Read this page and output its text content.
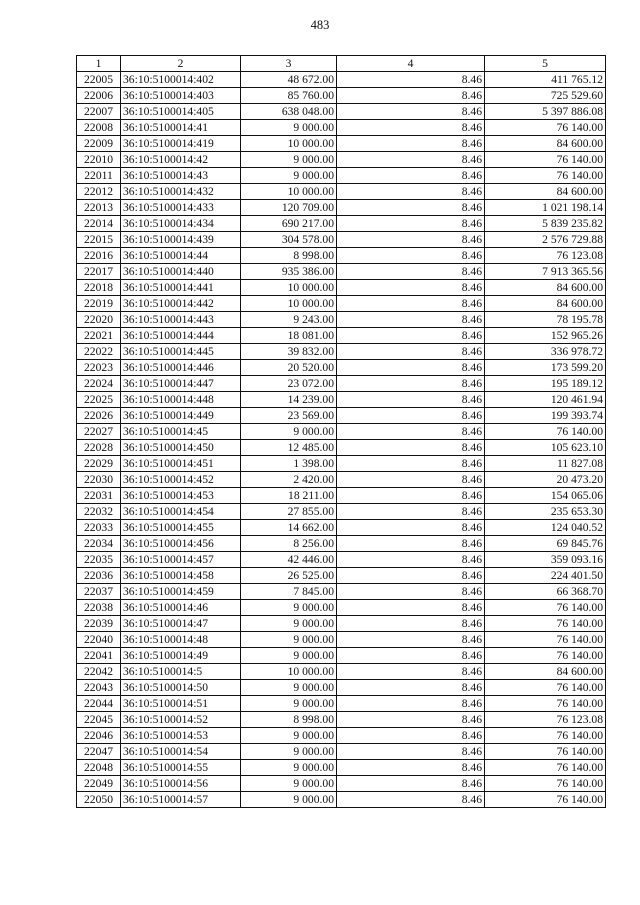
483
1	2	3	4	5
22005	36:10:5100014:402	48 672.00	8.46	411 765.12
22006	36:10:5100014:403	85 760.00	8.46	725 529.60
22007	36:10:5100014:405	638 048.00	8.46	5 397 886.08
22008	36:10:5100014:41	9 000.00	8.46	76 140.00
22009	36:10:5100014:419	10 000.00	8.46	84 600.00
22010	36:10:5100014:42	9 000.00	8.46	76 140.00
22011	36:10:5100014:43	9 000.00	8.46	76 140.00
22012	36:10:5100014:432	10 000.00	8.46	84 600.00
22013	36:10:5100014:433	120 709.00	8.46	1 021 198.14
22014	36:10:5100014:434	690 217.00	8.46	5 839 235.82
22015	36:10:5100014:439	304 578.00	8.46	2 576 729.88
22016	36:10:5100014:44	8 998.00	8.46	76 123.08
22017	36:10:5100014:440	935 386.00	8.46	7 913 365.56
22018	36:10:5100014:441	10 000.00	8.46	84 600.00
22019	36:10:5100014:442	10 000.00	8.46	84 600.00
22020	36:10:5100014:443	9 243.00	8.46	78 195.78
22021	36:10:5100014:444	18 081.00	8.46	152 965.26
22022	36:10:5100014:445	39 832.00	8.46	336 978.72
22023	36:10:5100014:446	20 520.00	8.46	173 599.20
22024	36:10:5100014:447	23 072.00	8.46	195 189.12
22025	36:10:5100014:448	14 239.00	8.46	120 461.94
22026	36:10:5100014:449	23 569.00	8.46	199 393.74
22027	36:10:5100014:45	9 000.00	8.46	76 140.00
22028	36:10:5100014:450	12 485.00	8.46	105 623.10
22029	36:10:5100014:451	1 398.00	8.46	11 827.08
22030	36:10:5100014:452	2 420.00	8.46	20 473.20
22031	36:10:5100014:453	18 211.00	8.46	154 065.06
22032	36:10:5100014:454	27 855.00	8.46	235 653.30
22033	36:10:5100014:455	14 662.00	8.46	124 040.52
22034	36:10:5100014:456	8 256.00	8.46	69 845.76
22035	36:10:5100014:457	42 446.00	8.46	359 093.16
22036	36:10:5100014:458	26 525.00	8.46	224 401.50
22037	36:10:5100014:459	7 845.00	8.46	66 368.70
22038	36:10:5100014:46	9 000.00	8.46	76 140.00
22039	36:10:5100014:47	9 000.00	8.46	76 140.00
22040	36:10:5100014:48	9 000.00	8.46	76 140.00
22041	36:10:5100014:49	9 000.00	8.46	76 140.00
22042	36:10:5100014:5	10 000.00	8.46	84 600.00
22043	36:10:5100014:50	9 000.00	8.46	76 140.00
22044	36:10:5100014:51	9 000.00	8.46	76 140.00
22045	36:10:5100014:52	8 998.00	8.46	76 123.08
22046	36:10:5100014:53	9 000.00	8.46	76 140.00
22047	36:10:5100014:54	9 000.00	8.46	76 140.00
22048	36:10:5100014:55	9 000.00	8.46	76 140.00
22049	36:10:5100014:56	9 000.00	8.46	76 140.00
22050	36:10:5100014:57	9 000.00	8.46	76 140.00
